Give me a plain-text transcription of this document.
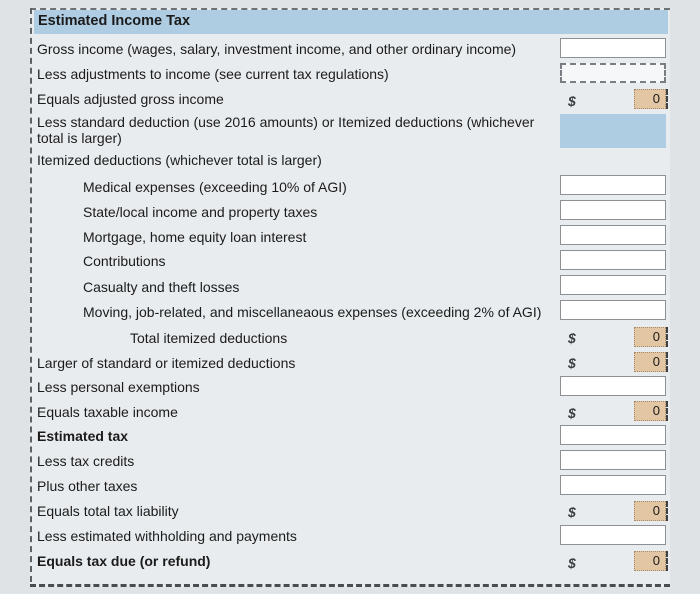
Estimated Income Tax
Gross income (wages, salary, investment income, and other ordinary income)
Less adjustments to income (see current tax regulations)
Equals adjusted gross income	$	0
Less standard deduction (use 2016 amounts) or Itemized deductions (whichever total is larger)
Itemized deductions (whichever total is larger)
Medical expenses (exceeding 10% of AGI)
State/local income and property taxes
Mortgage, home equity loan interest
Contributions
Casualty and theft losses
Moving, job-related, and miscellaneaous expenses (exceeding 2% of AGI)
Total itemized deductions	$	0
Larger of standard or itemized deductions	$	0
Less personal exemptions
Equals taxable income	$	0
Estimated tax
Less tax credits
Plus other taxes
Equals total tax liability	$	0
Less estimated withholding and payments
Equals tax due (or refund)	$	0
